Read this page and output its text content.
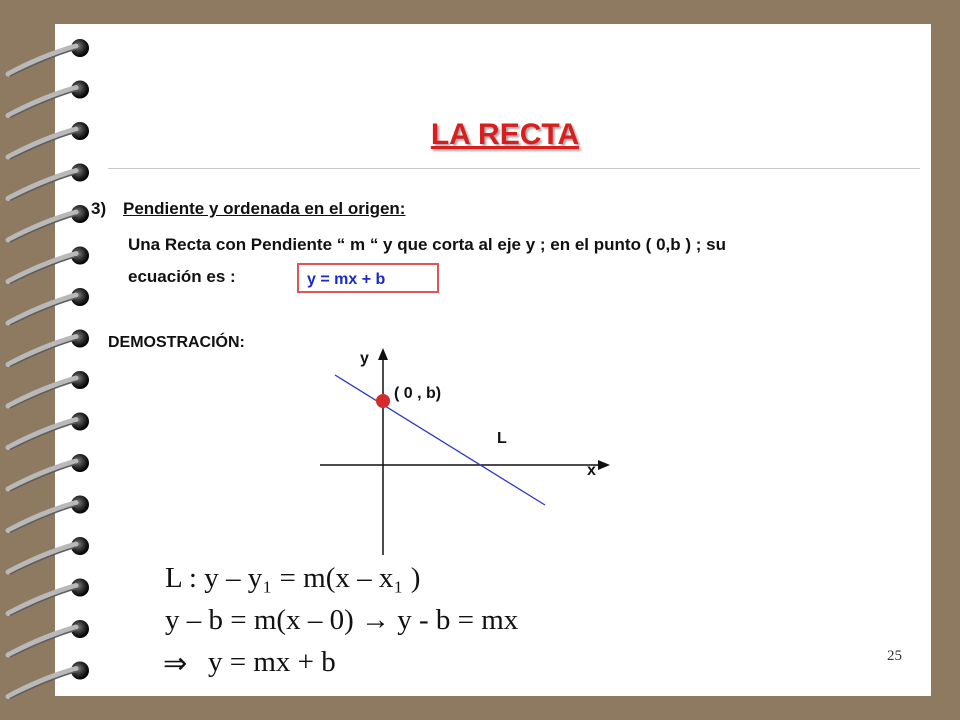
LA RECTA
3) Pendiente y ordenada en el origen:
Una Recta con Pendiente “ m “ y que corta al eje y ; en el punto ( 0,b ) ; su
ecuación es :	y = mx + b
DEMOSTRACIÓN:
y
x
( 0 , b)
L
L : y – y₁ = m(x – x₁ )
y – b = m(x – 0) → y - b = mx
⇒ y = mx + b	25
